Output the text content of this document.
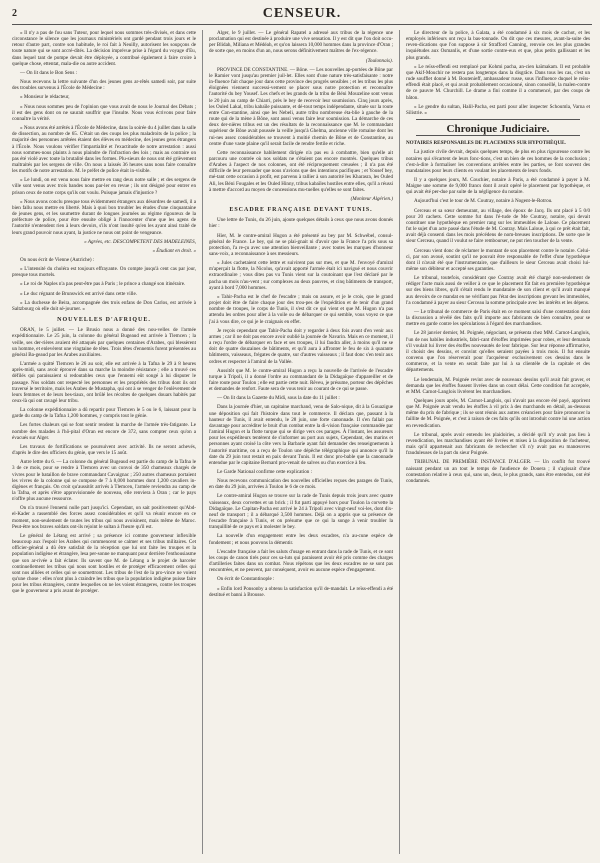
2	CENSEUR.

« Il n'y a pas de fou sans Tuteur, pour lequel nous sommes très-divisés, et dans cette circonstance le silence que les journaux ministériels ont gardé pendant trois jours et le retour d'autre part, contre son habitude, le roi fait à Neuilly, autorisent les soupçons de toute nature qui se sont accré-dités. La décision imprévue prise à l'égard du voyage d'Eu, dans lequel tant de pompe devait être déployée, a contribué également à faire croire à quelque chose, ettentat, mala-die ou autre accident.

— On lit dans le Bon Sens :

Nous recevons la lettre suivante d'un des jeunes gens ar-rêtés samedi soir, par suite des troubles survenus à l'École de Médecine :

« Monsieur le rédacteur,

« Nous nous sommes peu de l'opinion que vous avait de nous le Journal des Débats ; il est des gens dont on ne saurait souffrir que l'insulte. Nous vous écrivons pour faire connaître la vérité.

« Nous avons été arrêtés à l'École de Médecine, dans la soirée du 4 juillet dans la salle de dissection, au nombre de 65. C'était un des coups les plus maladroits de la police ; la majorité des personnes arrêtées étaient des élèves en médecine, des jeunes gens étrangers à l'École. Nous voulons vérifier l'impartialité et l'exactitude de notre arrestation : aussi nous sommes-nous plaints à nous plaindre de l'infraction des lois ; mais au contraire on pas été violé avec toute la brutalité dans les formes. Plu-sieurs de nous ont été grièvement maltraités par les sergens de ville. On nous a laissés 36 heures sans nous faire connaître les motifs de notre arrestation. M. le préfet de police était in-visible.

« Le lundi, on est venu nous faire mettre en rang deux notre salle ; et des sergens de ville sont venus avec trois bandes nous par-ler en revue ; ils ont désigné pour entrer en prison ceux de notre corps qu'ils ont voulu. Puisque jamais d'injustice ?

« Nous avons conclu presque tous évidemment étrangers aux désordres de samedi, il a bien fallu nous mettre en liberté. Mais à quoi bon troubler les études d'une cinquantaine de jeunes gens, et les soumettre durant de longues journées au régime rigoureux de la préfecture de police, pour être ensuite obligé à l'innocenter d'une que les agens de l'autorité n'entendent rien à leurs devoirs, s'ils n'ont insulté qu'en les ayant ainsi traité de leurs grand pouvoir nous ayant, la justice ne nous ont point de vengeance.

« Agrées, etc. DESCOMPETENT DES MADELEINES,

« Étudiant en droit. »

On nous écrit de Vienne (Autriche) :

« L'intensité du choléra est toujours effrayante. On compte jusqu'à cent cas par jour, presque tous mortels.

« Le roi de Naples n'a pas peut-être pas à Paris ; le prince a changé son itinéraire.

« Le duc régnant de Brunswick est arrivé dans cette ville.

« La duchesse de Beira, accompagnée des trois enfans de Don Carlos, est arrivée à Saltzbourg où elle doit sé-journer. »

NOUVELLES D'AFRIQUE.

ORAN, le 5 juillet. — Le Brusio nous a donné des nou-velles de l'armée expéditionnaire. Le 25 juin, la colonne du général Bugeaud est arrivée à Tlemcen ; la veille, ses der-rières avaient été attaqués par quelques centaines d'Arabes, qui blessèrent un homme, et enlevèrent une vingtaine de têtes. Trois têtes d'ennemis furent présentées au général Ba-geaud par les Arabes auxiliaires.

L'armée a quitté Tlemcen le 26 au soir, elle est arrivée à la Tafna le 29 à 8 heures après-midi, sans avoir éprouvé dans sa marche la moindre résistance ; elle a trouvé ces défilés qui paraissaient si redoutables ceux que l'ennemi eût songé à lui disputer le passage. Nos soldats ont respecté les personnes et les propriétés des tribus dont ils ont traversé le territoire, mais les Arabes de Mustapha, qui ont à se venger de l'enlèvement de leurs femmes et de leurs bes-tiaux, ont brûlé les récoltes de quelques douars habités par ceux-là qui ont ravagé leur tribu.

La colonne expéditionnaire a dû repartir pour Tlemcen le 5 ou le 6, laissant pour la garde du camp de la Tafna 1,200 hommes, y compris tout le génie.

Les fortes chaleurs qui se font sentir rendent la marche de l'armée très-fatigante. Le nombre des malades à l'hô-pital d'Oran est encore de 372, sans compter ceux qu'on a évacués sur Alger.

Les travaux de fortifications se poursuivent avec activité. Ils ne seront achevés, d'après le dire des officiers du génie, que vers le 15 août.

Autre lettre du 6. — La colonne du général Bugeaud est partie du camp de la Tafna le 3 de ce mois, pour se rendre à Tlemcen avec un convoi de 350 chameaux chargés de vivres pour le bataillon de brave commandant Cavaignac ; 250 autres chameaux portaient les vivres de la colonne qui se compose de 7 à 8,000 hommes dont 1,200 cavaliers in-digènes et français. On croit qu'aussitôt arrivés à Tlemcen, l'armée reviendra au camp de la Tafna, et après s'être approvisionnée de nouveau, elle renviera à Oran ; car le pays n'offre plus aucune ressource.

On n'a trouvé l'ennemi nulle part jusqu'ici. Cependant, on sait positivement qu'Abd-el-Kader a rassemblé des forces assez considérables et qu'il va réunir encore en ce moment, non-seulement de toutes les tribus qui nous avoisinent, mais même de Maroc. Peut-être nos braves soldats ont-ils rejoint le sultan à l'heure qu'il est.

Le général de Létang est arrivé ; sa présence ici comme gouverneur inflexible beaucoup aux l'espoir les Arabes qui commencent se calmer et ses tribus militaires. Cet officier-général a dû être satisfait de la réception que lui ont faite les troupes et la population indigène et étrangère, lesa per-sonne ne manquant pour derrière l'enthousiasme que son ar-rivée a fait éclater. Ils savent que M. de Létang a le projet de harceler continuellement les tribus qui nous sont hostiles et de protéger efficacement celles qui sont nos alliées et celles qui se soumettront. Les tribus de l'est de la pro-vince ne voient qu'une chose : elles n'ont plus à craindre les tribus que la population indigène puisse faire pour les tribus étrangères, contre lesquelles on ne les voient étrangeres, contre les troupes que le gouverneur a pris avant de protéger.

Alger, le 9 juillet. — Le général Rapatel a adressé aux tribus de la régence une proclamation qui est destinée à produire une vive sensation. Il y est dit que l'on doit occu-per Blidah, Miliana et Médéah, et qu'on laissera 10,000 hommes dans la province d'Oran ; de sorte que, en moins d'un an, nous serons définitivement maîtres de l'ex-régence.

(Toulonnais).

PROVINCE DE CONSTANTINE. — Bône. — Les nouvelles ap-portées de Bône par le Ramier vont jusqu'au premier juil-let. Elles sont d'une nature très-satisfaisante : notre in-fluence fait chaque jour dans cette province des progrès sensibles ; et les tribus les plus éloignées viennent successi-vement se placer sous notre protection et reconnaître l'autorité du bey Yousef. Les chefs et les grands de la tribu de Béni Mouzeline sont venus le 20 juin au camp de Chiarri, près le bey de recevoir leur soumission. Cinq jours après, les Ouled Lakal, tribu kabaïle puissante, et dé-tout temps indépendante, située sur la route entre Con-stantine, ainsi que les Nebeli, autre tribu nombreuse éta-blie à gauche de la route qui de la mène à Bône, sont aussi venus faire leur soumission. La démarche de ces deux der-nières tribus est un des résultats de la reconnaissance que M. le commandant supérieur de Bône avait poussée la veille jusqu'à Ghelma, ancienne ville romaine dont les rui-nes assez considérables se trouvent à moitié chemin de Bône et de Constantine, au centre d'une vaste plaine qu'il serait facile de rendre fertile et riche.

Cette reconnaissance habilement dirigée n'a pas eu à combattre, bien qu'elle ait parcouru une contrée où nos soldats ne s'étaient pas encore montrés. Quelques tribus d'Arabes à l'aspect de nos colonnes, ont été réciproquement creusées ; il n'a pas été difficile de leur persuader que nous n'avions que des intentions pacifiques ; et Yousef bey, mé-tant cette occasion à profit, est parvenu à rallier à son autorité les Kharasra, les Ouled Ali, les Béni Fougales et les Ouled Hinny, tribus kabaïles hostiles entre elles, qu'il a réussi à mettre d'accord au moyen de concessions mu-tuelles qu'elles se sont faites.

(Moniteur Algérien.)

ESCADRE FRANÇAISE DEVANT TUNIS.

Une lettre de Tunis, du 26 juin, ajoute quelques détails à ceux que nous avons donnés hier :

Hier, M. le contre-amiral Hugon a été présenté au bey par M. Schwébel, consul-général de France. Le bey, qui ne se plai-gnait ni d'avoir que la France l'a pris sous sa protection, l'a re-çu avec une attention bienveillante ; avec toutes les marques d'honneur sans-voix, a reconnaissance à ses messieurs.

« Jules cachetaient cette lettre et suivirent pas sur mes, et que M. l'envoyé d'amiral m'aperçait la flotte, la Nicolus, qu'avait apporté l'armée était ici navigué et nous couvrir extraordinaire ; vous dites pas vu Tunis vient sur la coutoinant que l'est déclaré par le pacha un mois n'au-vent ; sur complexes au deux pauvres, et cinq bâtiments de transport, ayant à bord 7,000 hommes.

« Tahir-Pacha est le chef de l'escadre ; mais on assure, et je le crois, que le grand projet doit être de faire chaque jour des trou-pes de l'expédition et de tenir d'un grand nombre de troupes, le corps de Tunis, il s'est dit ce qui vient et que M. Hugon n'a pas attendu les ordres pour aller à la voile ou de débarquer ce qui semble, vous voyez ce que j'ai à vous dire, ce qui je le craignais en effet.

Je reçois cependant que Tahir-Pacha doit y regarder à deux fois avant d'en venir aux armes ; car il ne doit pas encore avoir oublié la journée de Navarin. Mais en ce moment, il a reçu l'ordre de débarquer en face et ses troupes, il lui faudra aller, à moins qu'il ne se doit de quatre douzaines de bâtiments, et qu'il aura à affronter le feu de six à quarante bâtiments, vaisseaux, frégates de quatre, sur d'autres vaisseaux ; il faut donc s'en tenir aux ordres et respecter à l'amiral de la Vallée.

Aussitôt que M. le contre-amiral Hugon a reçu la nouvelle de l'arrivée de l'escadre turque à Tripoli, il a donné l'ordre au commandant de la Didagaïque d'appareiller et de faire route pour Toulon ; elle est partie cette nuit. Rêveu, je présume, porteur des dépêches et demandes de renfort. Faute sera de vous tenir au courant de ce qui se passe.

— On lit dans la Gazette du Midi, sous la date du 11 juillet :

Dans la journée d'hier, un capitaine marchand, venu de Salo-nique, dit à la Gouazigue une déposition qui fait l'histoire dans tout le commerce. Il déclara que, passant à la hauteur de Tunis, il avait entendu, le 28 juin, une forte canonnade. Il s'en fallait pas davantage pour accréditer le bruit d'un combat entre la di-vision française commandée par l'amiral Hugon et la flotte turque qui se dirige vers ces parages. À l'instant, les assureurs pour les expéditeurs tentèrent de s'informer au port aux sujets, Cependant, des marins et personnes ayant croisé la côte vers la Barbarie ayant fait demander des renseignements à l'autorité maritime, on a reçu de Toulon une dépêche télégraphique qui annonce qu'il la date du 29 juin tout restait en paix devant Tunis. Il est donc pro-bable que la canonnade entendue par le capitaine Bernard pro-venait de salves ou d'un exercice à feu.

Le Garde National confirme cette explication :

Nous recevons communication des nouvelles officielles reçues des parages de Tunis, en date du 29 juin, arrivées à Toulon le 6 de ce mois.

Le contre-amiral Hugon se trouve sur la rade de Tunis depuis trois jours avec quatre vaisseaux, deux corvettes et un brick ; il fut parti appuyé hors pour Toulon la corvette la Didagaïque. Le Capitan-Pacha est arrivé le 24 à Tripoli avec vingt-neuf voi-les, dont dix-neuf de transport ; il a débarqué 3,500 hommes. Déjà on a appris que sa présence de l'escadre française à Tunis, et on présume que ce qui la songe à venir troubler la tranquillité de ce pays et à molester le bey.

La nouvelle d'un engagement entre les deux escadres, n'a au-cune espèce de fondement ; et nous pouvons la démentir.

L'escadre française a fait les saluts d'usage en entrant dans la rade de Tunis, et ce sont les coups de canon tirés pour ces sa-luts qui paraissent avoir été pris comme des charges d'artilleries faites dans un combat. Nous répétons que les deux escadres ne se sont pas rencontrées, et ne peuvent, par conséquent, avoir eu aucune espèce d'engagement.

On écrit de Constantinople :

« Enfin lord Ponsonby a obtenu la satisfaction qu'il de-mandait. Le reïss-effendi a été destitué et banni à Brousse.

Le directeur de la police, à Galata, a été condamné à six mois de cachot, et les employés inférieurs ont reçu la bas-tonnade. On dit que ces mesures, avant-la-suite des reven-dications que l'on suppose à sir Strafford Canning, renvoie ces les plus grandes inquiétudes aux Osmanlis, et d'une sortie contre-eux et que, plus petits gallissant et les plus grands.

« Le reïss-effendi est remplacé par Kohmi pacha, an-cien kaïmakam. Il est probable que Akif-Mouchir ne restera pas longtemps dans la disgrâce. Dans tous les cas, c'est un rude soufflet donné à M. Boutenieff, ambassadeur russe, sous l'influence duquel le reïss-effendi était placé, et qui avait probablement occasionné, sinon conseillé, la malen-contre de ce pauvre M. Churchill. Le drame a fini comme il a commencé, par des coups de bâton.

« Le gendre du sultan, Halil-Pacha, est parti pour aller inspecter Schoumla, Varna et Silistrie. »

Chronique Judiciaire.

NOTAIRES RESPONSABLES DE PLACEMENS SUR HYPOTHÈQUE.

La justice civile devrait, depuis quelques temps, de plus en plus rigoureuse contre les notaires qui s'écartent de leurs fonc-tions, c'est un bien de ces hommes de la conclusion ; c'est-à-dire à formaliser les conventions arrêtées entre les parties, se font souvent des mandataires pour leurs clients en voulant les placements de leurs fonds.

Il y a quelques jours, M. Couchier, notaire à Paris, a été condamné à payer à M. Maigne une somme de 9,000 francs dont il avait opéré le placement par hypothèque, et qui avait été per-due par suite de la négligence du notaire.

Aujourd'hui c'est le tour de M. Coutray, notaire à Nogent-le-Rotrou.

Cerceau et sa sœur demeurant, au village, des époux de Jacq. Ils ont placé à 5 0/0 pour 20 cachets. Cette somme fut dans l'é-tude de Me Coutray, notaire, qui devait constituer une hypothèque en premier rang sur les immeubles de Laloue. Ce placement fut le sujet d'un acte passé dans l'étude de M. Coutray. Mais Laloue, à qui ce prêt était fait, avait déjà consenti dans les mois précédens de nom-breuses inscriptions. De sorte que le sieur Cerceau, quand il voulut se faire rembourser, ne put rien toucher de la vente.

Cerceau vient donc de réclamer le montant de son placement contre le notaire. Celui-ci, par son avoué, soutint qu'il ne pouvait être responsable de l'effet d'une hypothèque dont il n'avait été que l'instrumentaire, que d'ailleurs le sieur Cerceau avait choisi lui-même son débiteur et accepté ses garanties.

Le tribunal, toutefois, considérant que Coutray avait été chargé non-seulement de rédiger l'acte mais aussi de veiller à ce que le placement fût fait en première hypothèque sur des biens libres, qu'il s'était rendu le mandataire de son client et qu'il avait manqué aux devoirs de ce mandat en ne vérifiant pas l'état des inscriptions grevant les immeubles, l'a condamné à payer au sieur Cerceau la somme principale avec les intérêts et les dépens.

— Le tribunal de commerce de Paris était en ce moment saisi d'une contestation dont la discussion a révélé des faits qu'il importe aux fabricants de bien connaître, pour se mettre en garde contre les spéculations à l'égard des marchandises.

Le 28 janvier dernier, M. Poignée, négociant, se présenta chez MM. Carnot-Langlois, l'un de nos habiles industriels, fabri-cant d'étoffes imprimées pour robes, et leur demanda s'il voulait lui livrer des étoffes nouveautés de leur fabrique. Sur leur réponse affirmative, il choisit des dessins, et convint qu'elles seraient payées à trois mois. Il fut ensuite convenu que l'on réserverait pour l'acquéreur exclusivement ces dessins dans le commerce, et la vente en serait faite par lui à sa clientèle de la capitale et des départements.

Le lendemain, M. Poignée revint avec de nouveaux dessins qu'il avait fait graver, et demanda que les étoffes fussent livrées dans un court délai. Cette condition fut acceptée, et MM. Carnot-Langlois livrèrent les marchandises.

Quelques jours après, M. Carnot-Langlois, qui n'avait pas encore été payé, apprirent que M. Poignée avait vendu les étoffes à vil prix à des marchands en détail, au-dessous même du prix de fabrique ; ils se sont réunis aux autres créanciers pour faire prononcer la faillite de M. Poignée, et c'est à raison de ces faits qu'ils ont introduit contre lui une action en revendication.

Le tribunal, après avoir entendu les plaidoiries, a décidé qu'il n'y avait pas lieu à revendication, les marchandises ayant été livrées et mises à la disposition de l'acheteur, mais qu'il appartenait aux fabricants de rechercher s'il n'y avait pas eu manœuvres frauduleuses de la part du sieur Poignée.

TRIBUNAL DE PREMIÈRE INSTANCE D'ALGER. — Un conflit fut trouvé naissant pendant un an tout le temps de l'audience de Douera ; il s'agissait d'une contestation relative à ceux qui, sans un, deux, le plus grands, sans être entendus, ont été condamnés.
